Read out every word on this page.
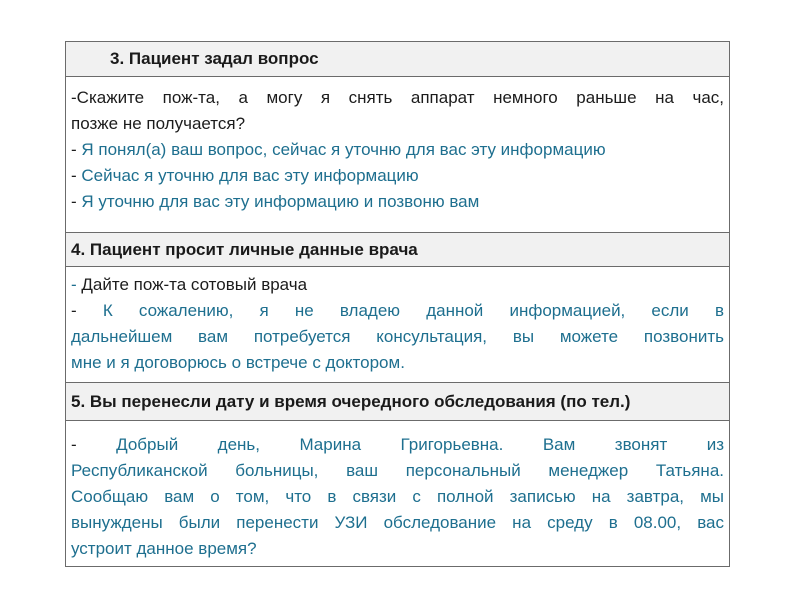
3. Пациент задал вопрос
-Скажите пож-та, а могу я снять аппарат немного раньше на час,
позже не получается?
- Я понял(а) ваш вопрос, сейчас я уточню для вас эту информацию
- Сейчас я уточню для вас эту информацию
- Я уточню для вас эту информацию и позвоню вам
4. Пациент просит личные данные врача
- Дайте пож-та сотовый врача
- К сожалению, я не владею данной информацией, если в
дальнейшем вам потребуется консультация, вы можете позвонить
мне и я договорюсь о встрече с доктором.
5. Вы перенесли дату и время очередного обследования (по тел.)
- Добрый день, Марина Григорьевна. Вам звонят из
Республиканской больницы, ваш персональный менеджер Татьяна.
Сообщаю вам о том, что в связи с полной записью на завтра, мы
вынуждены были перенести УЗИ обследование на среду в 08.00, вас
устроит данное время?
